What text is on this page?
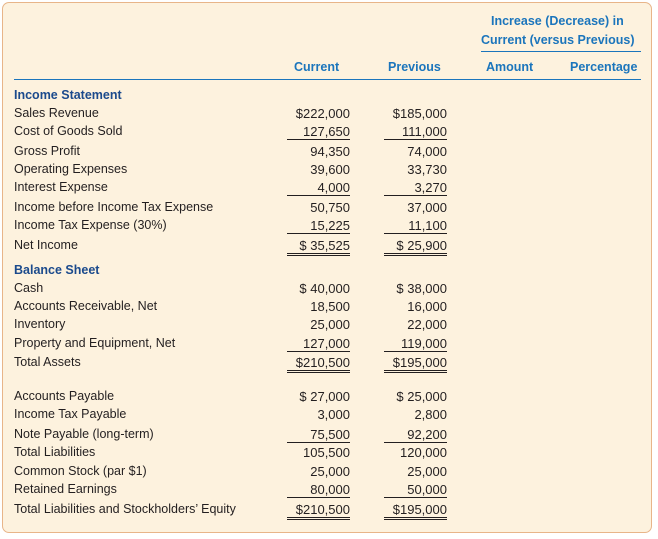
Increase (Decrease) in
Current (versus Previous)
Current	Previous	Amount	Percentage
Income Statement
Sales Revenue	$222,000	$185,000
Cost of Goods Sold	127,650	111,000
Gross Profit	94,350	74,000
Operating Expenses	39,600	33,730
Interest Expense	4,000	3,270
Income before Income Tax Expense	50,750	37,000
Income Tax Expense (30%)	15,225	11,100
Net Income	$ 35,525	$ 25,900
Balance Sheet
Cash	$ 40,000	$ 38,000
Accounts Receivable, Net	18,500	16,000
Inventory	25,000	22,000
Property and Equipment, Net	127,000	119,000
Total Assets	$210,500	$195,000
Accounts Payable	$ 27,000	$ 25,000
Income Tax Payable	3,000	2,800
Note Payable (long-term)	75,500	92,200
Total Liabilities	105,500	120,000
Common Stock (par $1)	25,000	25,000
Retained Earnings	80,000	50,000
Total Liabilities and Stockholders’ Equity	$210,500	$195,000
